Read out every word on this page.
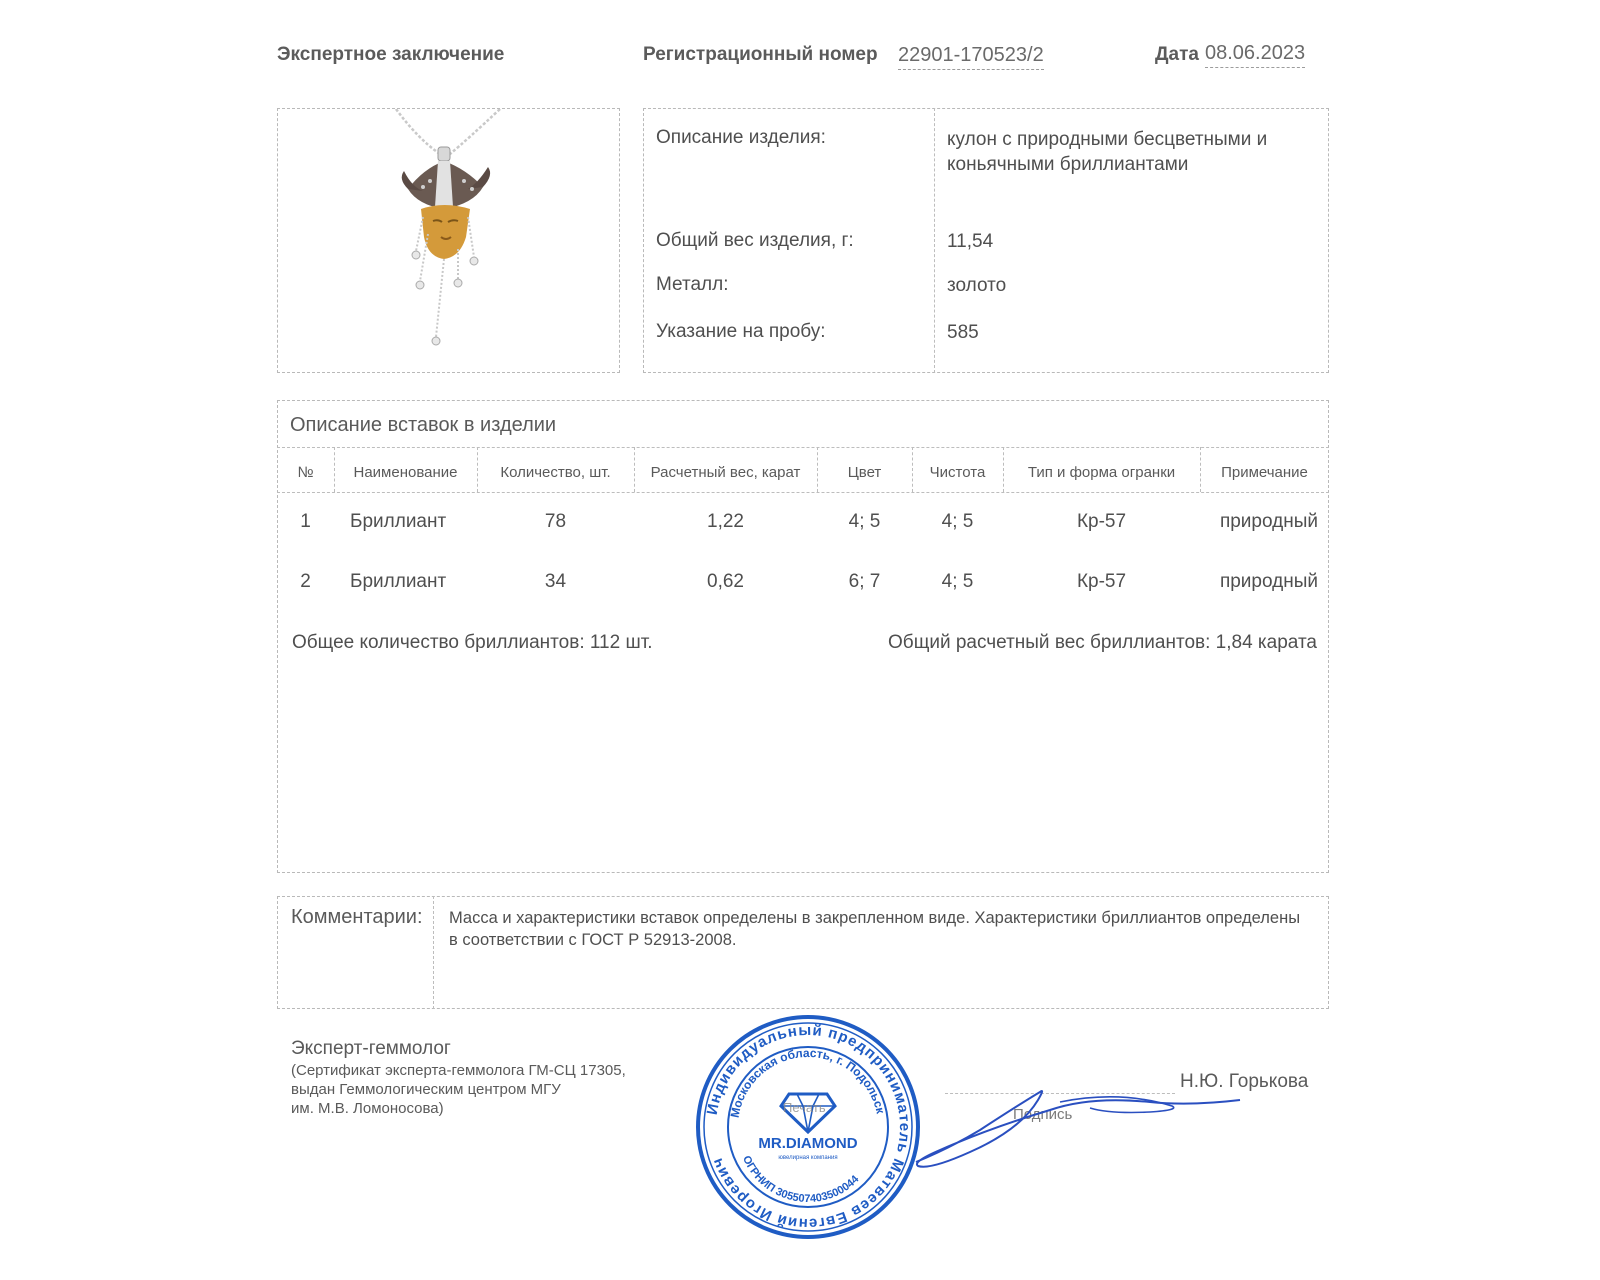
Экспертное заключение	Регистрационный номер 22901-170523/2	Дата 08.06.2023
Описание изделия:	кулон с природными бесцветными и коньячными бриллиантами
Общий вес изделия, г:	11,54
Металл:	золото
Указание на пробу:	585
Описание вставок в изделии
№	Наименование	Количество, шт.	Расчетный вес, карат	Цвет	Чистота	Тип и форма огранки	Примечание
1	Бриллиант	78	1,22	4; 5	4; 5	Кр-57	природный
2	Бриллиант	34	0,62	6; 7	4; 5	Кр-57	природный
Общее количество бриллиантов: 112 шт.	Общий расчетный вес бриллиантов: 1,84 карата
Комментарии: Масса и характеристики вставок определены в закрепленном виде. Характеристики бриллиантов определены в соответствии с ГОСТ Р 52913-2008.
Эксперт-геммолог
(Сертификат эксперта-геммолога ГМ-СЦ 17305,
выдан Геммологическим центром МГУ
им. М.В. Ломоносова)	Подпись
Н.Ю. Горькова
Индивидуальный предприниматель Матвеев Евгений Игоревич
Московская область, г. Подольск
ОГРНИП 305507403500044
MR.DIAMOND
ювелирная компания
Печать
